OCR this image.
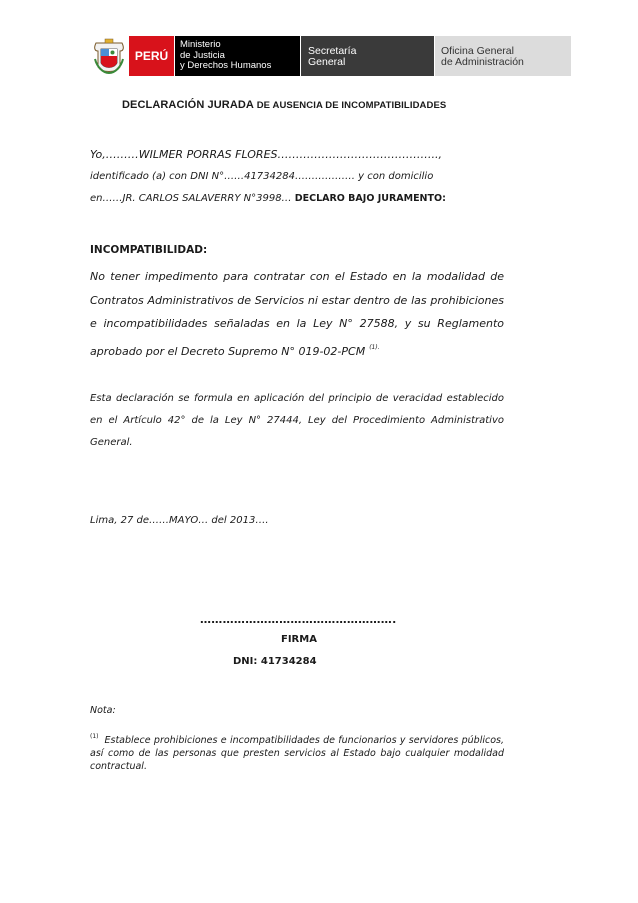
PERÚ
Ministerio
de Justicia
y Derechos Humanos
Secretaría
General
Oficina General
de Administración
DECLARACIÓN JURADA DE AUSENCIA DE INCOMPATIBILIDADES
Yo,………WILMER PORRAS FLORES……………………………………..,
identificado (a) con DNI N°……41734284……………… y con domicilio
en……JR. CARLOS SALAVERRY N°3998… DECLARO BAJO JURAMENTO:
INCOMPATIBILIDAD:
No tener impedimento para contratar con el Estado en la modalidad de Contratos Administrativos de Servicios ni estar dentro de las prohibiciones e incompatibilidades señaladas en la Ley N° 27588, y su Reglamento aprobado por el Decreto Supremo N° 019-02-PCM $^{(1).}$
Esta declaración se formula en aplicación del principio de veracidad establecido en el Artículo 42° de la Ley N° 27444, Ley del Procedimiento Administrativo General.
Lima, 27 de……MAYO… del 2013….
…………………………………………….
FIRMA
DNI: 41734284
Nota:
$^{(1)}$ Establece prohibiciones e incompatibilidades de funcionarios y servidores públicos, así como de las personas que presten servicios al Estado bajo cualquier modalidad contractual.
